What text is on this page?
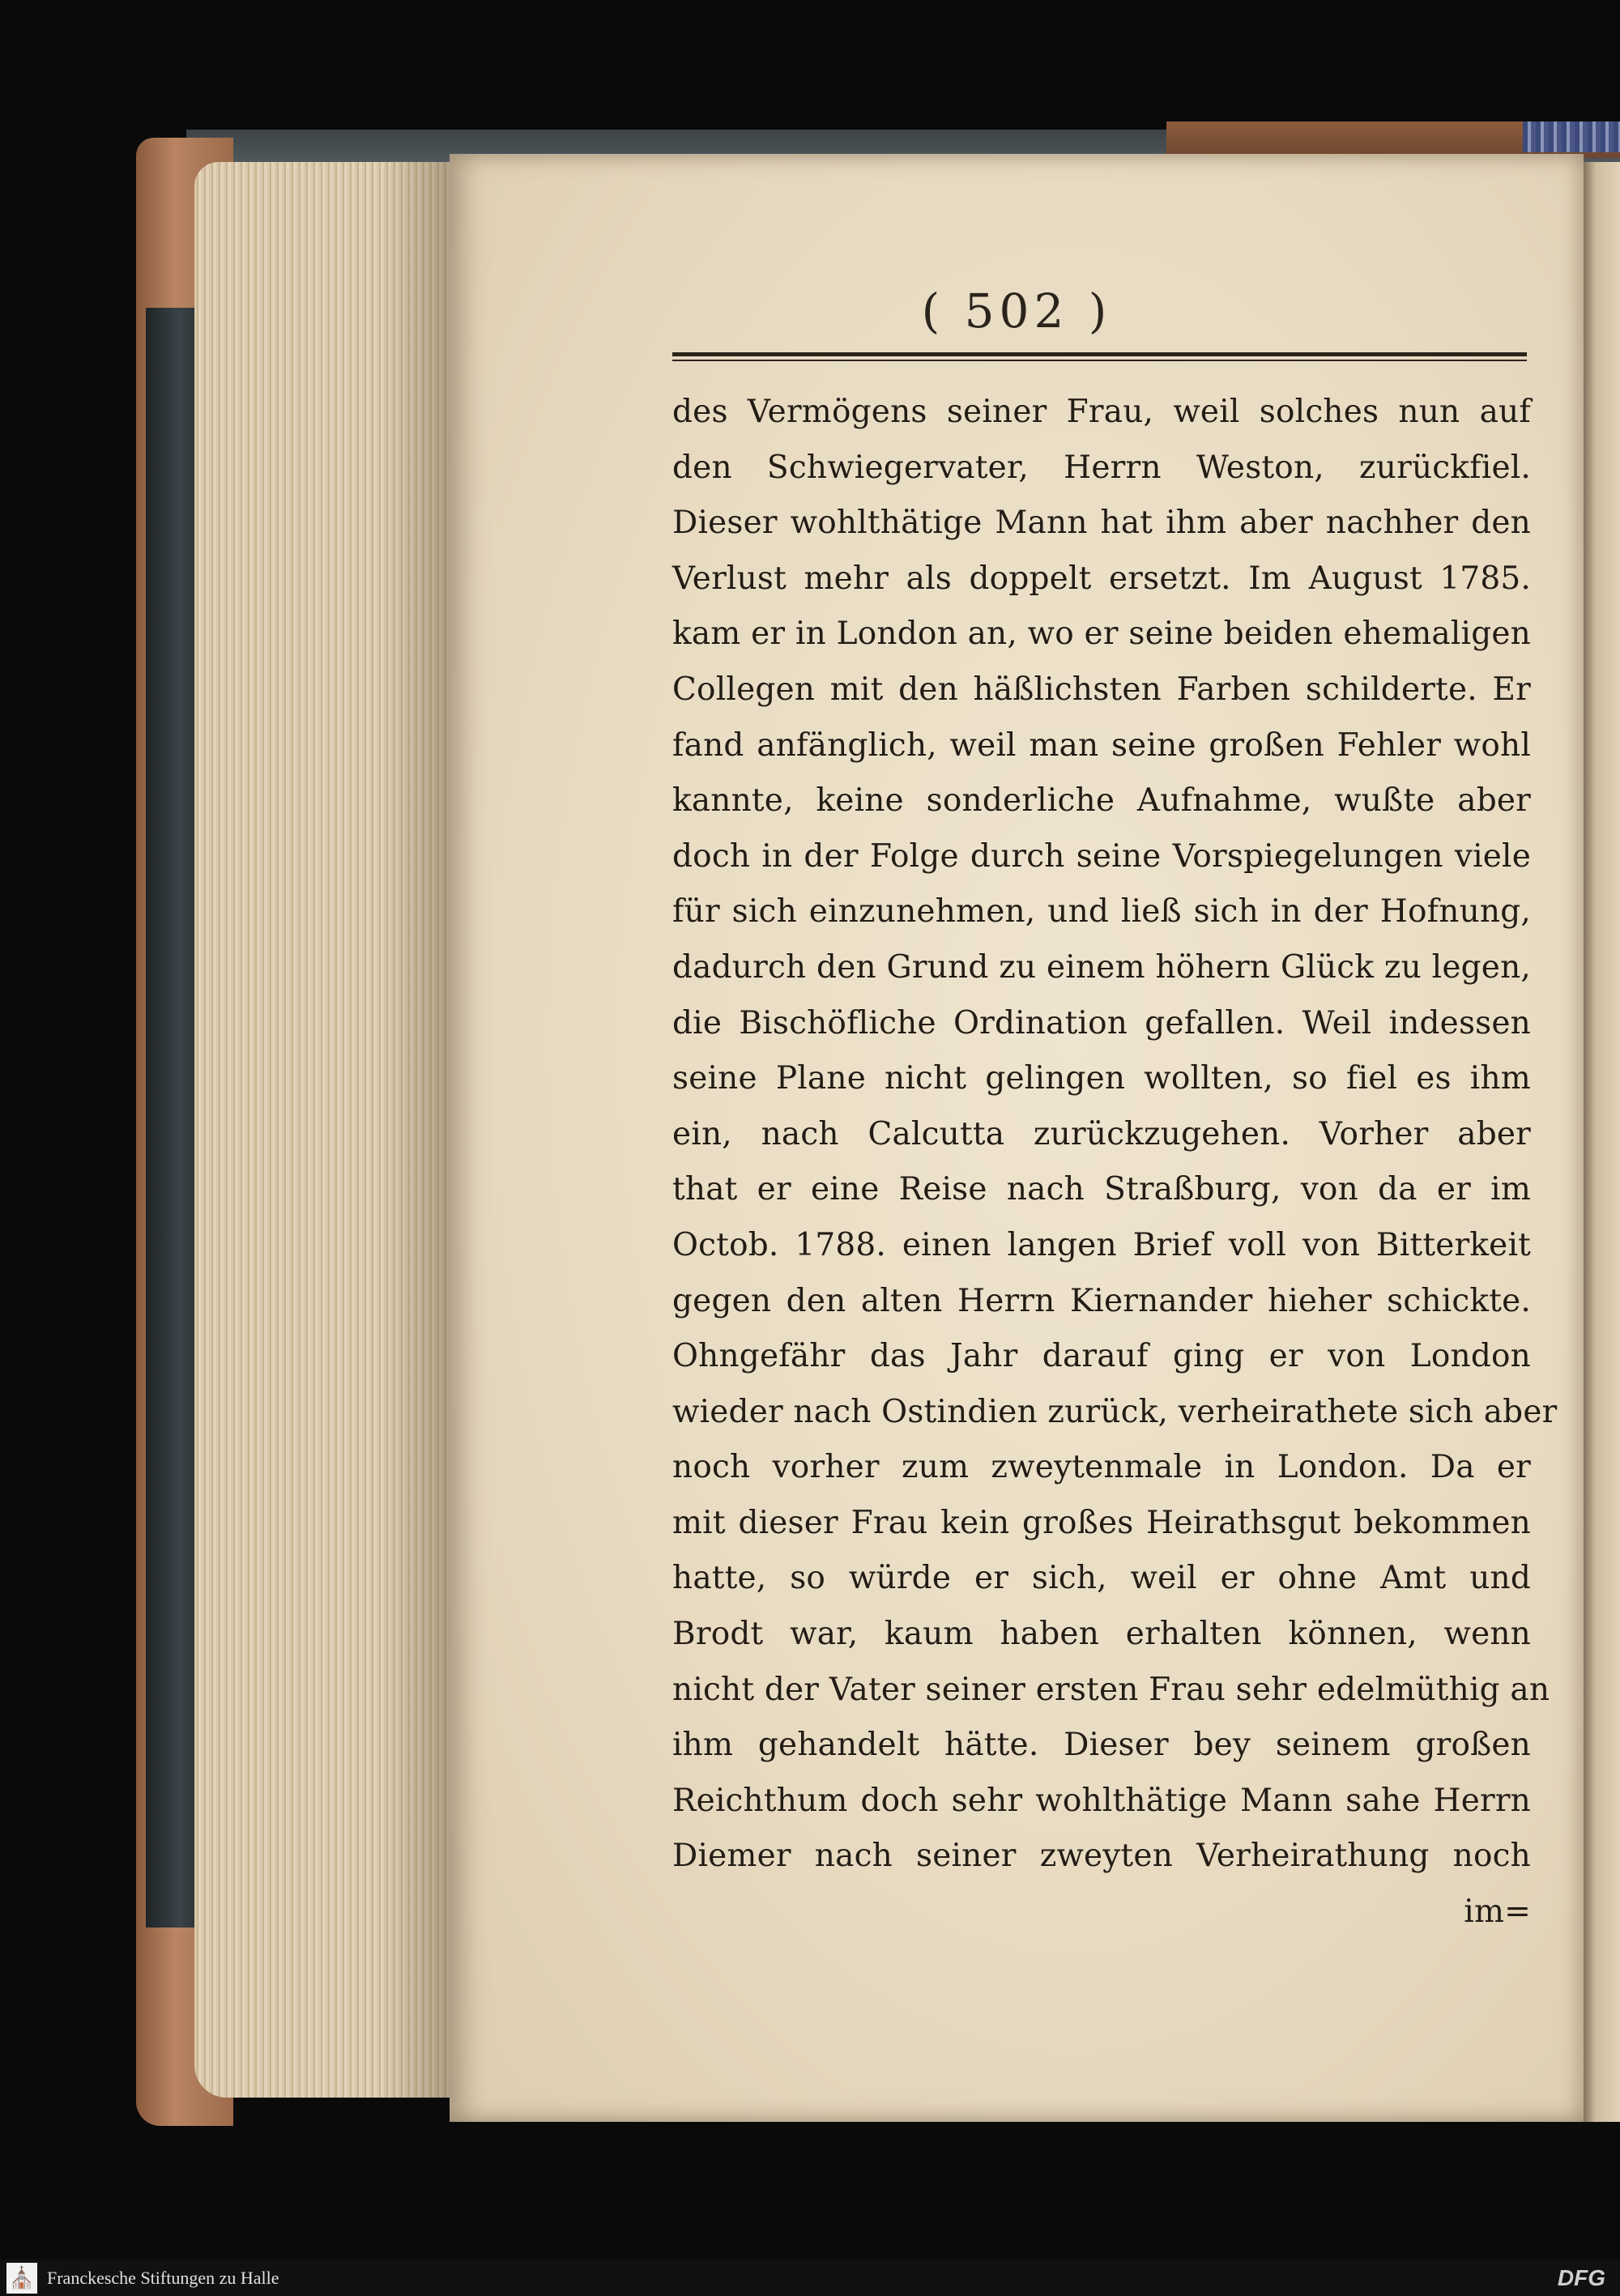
( 502 )
des Vermögens seiner Frau, weil solches nun auf
den Schwiegervater, Herrn Weston, zurückfiel.
Dieser wohlthätige Mann hat ihm aber nachher den
Verlust mehr als doppelt ersetzt. Im August 1785.
kam er in London an, wo er seine beiden ehemaligen
Collegen mit den häßlichsten Farben schilderte. Er
fand anfänglich, weil man seine großen Fehler wohl
kannte, keine sonderliche Aufnahme, wußte aber
doch in der Folge durch seine Vorspiegelungen viele
für sich einzunehmen, und ließ sich in der Hofnung,
dadurch den Grund zu einem höhern Glück zu legen,
die Bischöfliche Ordination gefallen. Weil indessen
seine Plane nicht gelingen wollten, so fiel es ihm
ein, nach Calcutta zurückzugehen. Vorher aber
that er eine Reise nach Straßburg, von da er im
Octob. 1788. einen langen Brief voll von Bitterkeit
gegen den alten Herrn Kiernander hieher schickte.
Ohngefähr das Jahr darauf ging er von London
wieder nach Ostindien zurück, verheirathete sich aber
noch vorher zum zweytenmale in London. Da er
mit dieser Frau kein großes Heirathsgut bekommen
hatte, so würde er sich, weil er ohne Amt und
Brodt war, kaum haben erhalten können, wenn
nicht der Vater seiner ersten Frau sehr edelmüthig an
ihm gehandelt hätte. Dieser bey seinem großen
Reichthum doch sehr wohlthätige Mann sahe Herrn
Diemer nach seiner zweyten Verheirathung noch
im=
⛪ Franckesche Stiftungen zu Halle	DFG
